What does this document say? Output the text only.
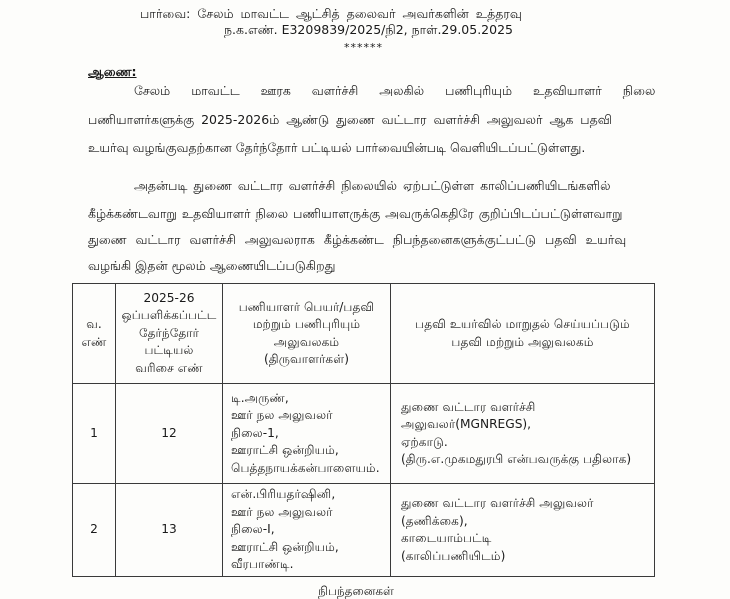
பார்வை: சேலம் மாவட்ட ஆட்சித் தலைவர் அவர்களின் உத்தரவு
ந.க.எண். E3209839/2025/நி2, நாள்.29.05.2025
******
ஆணை:
சேலம் மாவட்ட ஊரக வளர்ச்சி அலகில் பணிபுரியும் உதவியாளர் நிலை
பணியாளர்களுக்கு 2025-2026ம் ஆண்டு துணை வட்டார வளர்ச்சி அலுவலர் ஆக பதவி
உயர்வு வழங்குவதற்கான தேர்ந்தோர் பட்டியல் பார்வையின்படி வெளியிடப்பட்டுள்ளது.
அதன்படி துணை வட்டார வளர்ச்சி நிலையில் ஏற்பட்டுள்ள காலிப்பணியிடங்களில்
கீழ்க்கண்டவாறு உதவியாளர் நிலை பணியாளருக்கு அவருக்கெதிரே குறிப்பிடப்பட்டுள்ளவாறு
துணை வட்டார வளர்ச்சி அலுவலராக கீழ்க்கண்ட நிபந்தனைகளுக்குட்பட்டு பதவி உயர்வு
வழங்கி இதன் மூலம் ஆணையிடப்படுகிறது
வ.
எண்	2025-26
ஒப்பளிக்கப்பட்ட
தேர்ந்தோர்
பட்டியல்
வரிசை எண்	பணியாளர் பெயர்/பதவி
மற்றும் பணிபுரியும்
அலுவலகம்
(திருவாளர்கள்)	பதவி உயர்வில் மாறுதல் செய்யப்படும்
பதவி மற்றும் அலுவலகம்

1	12	டி.அருண்,
ஊர் நல அலுவலர்
நிலை-1,
ஊராட்சி ஒன்றியம்,
பெத்தநாயக்கன்பாளையம்.	துணை வட்டார வளர்ச்சி
அலுவலர்(MGNREGS),
ஏற்காடு.
(திரு.எ.முகமதுரபி என்பவருக்கு பதிலாக)

2	13	என்.பிரியதர்ஷினி,
ஊர் நல அலுவலர்
நிலை-I,
ஊராட்சி ஒன்றியம்,
வீரபாண்டி.	துணை வட்டார வளர்ச்சி அலுவலர்
(தணிக்கை),
காடையாம்பட்டி
(காலிப்பணியிடம்)
நிபந்தனைகள்
